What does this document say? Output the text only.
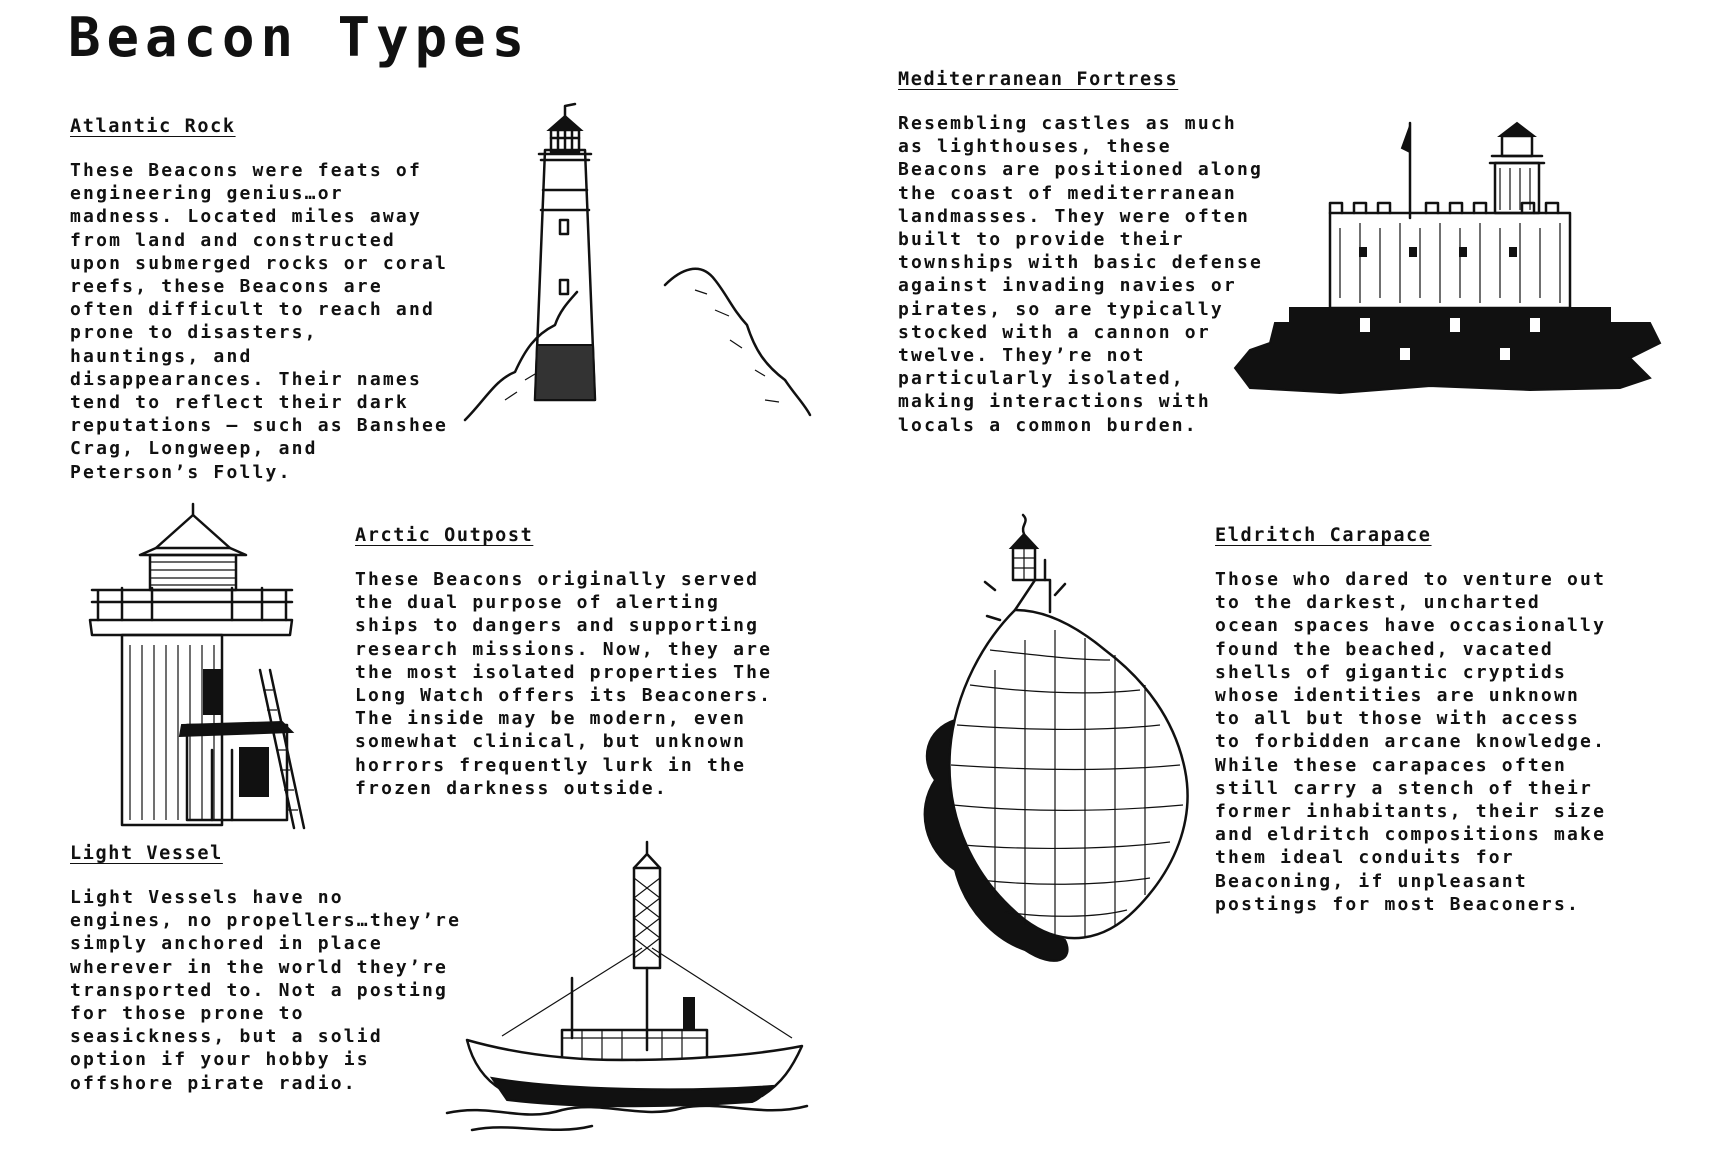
Beacon Types
Atlantic Rock

These Beacons were feats of
engineering genius…or
madness. Located miles away
from land and constructed
upon submerged rocks or coral
reefs, these Beacons are
often difficult to reach and
prone to disasters,
hauntings, and
disappearances. Their names
tend to reflect their dark
reputations – such as Banshee
Crag, Longweep, and
Peterson’s Folly.

Mediterranean Fortress

Resembling castles as much
as lighthouses, these
Beacons are positioned along
the coast of mediterranean
landmasses. They were often
built to provide their
townships with basic defense
against invading navies or
pirates, so are typically
stocked with a cannon or
twelve. They’re not
particularly isolated,
making interactions with
locals a common burden.

Arctic Outpost

These Beacons originally served
the dual purpose of alerting
ships to dangers and supporting
research missions. Now, they are
the most isolated properties The
Long Watch offers its Beaconers.
The inside may be modern, even
somewhat clinical, but unknown
horrors frequently lurk in the
frozen darkness outside.

Eldritch Carapace

Those who dared to venture out
to the darkest, uncharted
ocean spaces have occasionally
found the beached, vacated
shells of gigantic cryptids
whose identities are unknown
to all but those with access
to forbidden arcane knowledge.
While these carapaces often
still carry a stench of their
former inhabitants, their size
and eldritch compositions make
them ideal conduits for
Beaconing, if unpleasant
postings for most Beaconers.

Light Vessel

Light Vessels have no
engines, no propellers…they’re
simply anchored in place
wherever in the world they’re
transported to. Not a posting
for those prone to
seasickness, but a solid
option if your hobby is
offshore pirate radio.
